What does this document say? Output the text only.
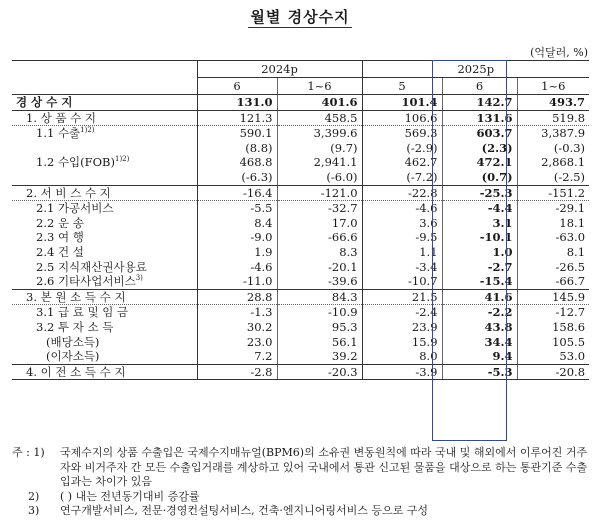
월별 경상수지
(억달러, %)
	2024p		2025p		
	6	1~6	5	6	1~6
경 상 수 지	131.0	401.6	101.4	142.7	493.7
1. 상 품 수 지	121.3	458.5	106.6	131.6	519.8
1.1 수출$^{1)2)}$	590.1	3,399.6	569.3	603.7	3,387.9
	(8.8)	(9.7)	(-2.9)	(2.3)	(-0.3)
1.2 수입(FOB)$^{1)2)}$	468.8	2,941.1	462.7	472.1	2,868.1
	(-6.3)	(-6.0)	(-7.2)	(0.7)	(-2.5)
2. 서 비 스 수 지	-16.4	-121.0	-22.8	-25.3	-151.2
2.1 가공서비스	-5.5	-32.7	-4.6	-4.4	-29.1
2.2 운 송	8.4	17.0	3.6	3.1	18.1
2.3 여 행	-9.0	-66.6	-9.5	-10.1	-63.0
2.4 건 설	1.9	8.3	1.1	1.0	8.1
2.5 지식재산권사용료	-4.6	-20.1	-3.4	-2.7	-26.5
2.6 기타사업서비스$^{3)}$	-11.0	-39.6	-10.7	-15.4	-66.7
3. 본 원 소 득 수 지	28.8	84.3	21.5	41.6	145.9
3.1 급 료 및 임 금	-1.3	-10.9	-2.4	-2.2	-12.7
3.2 투 자 소 득	30.2	95.3	23.9	43.8	158.6
(배당소득)	23.0	56.1	15.9	34.4	105.5
(이자소득)	7.2	39.2	8.0	9.4	53.0
4. 이 전 소 득 수 지	-2.8	-20.3	-3.9	-5.3	-20.8
주 : 1) 국제수지의 상품 수출입은 국제수지매뉴얼(BPM6)의 소유권 변동원칙에 따라 국내 및 해외에서 이루어진 거주자와 비거주자 간 모든 수출입거래를 계상하고 있어 국내에서 통관 신고된 물품을 대상으로 하는 통관기준 수출입과는 차이가 있음
2) ( ) 내는 전년동기대비 증감률
3) 연구개발서비스, 전문·경영컨설팅서비스, 건축·엔지니어링서비스 등으로 구성
